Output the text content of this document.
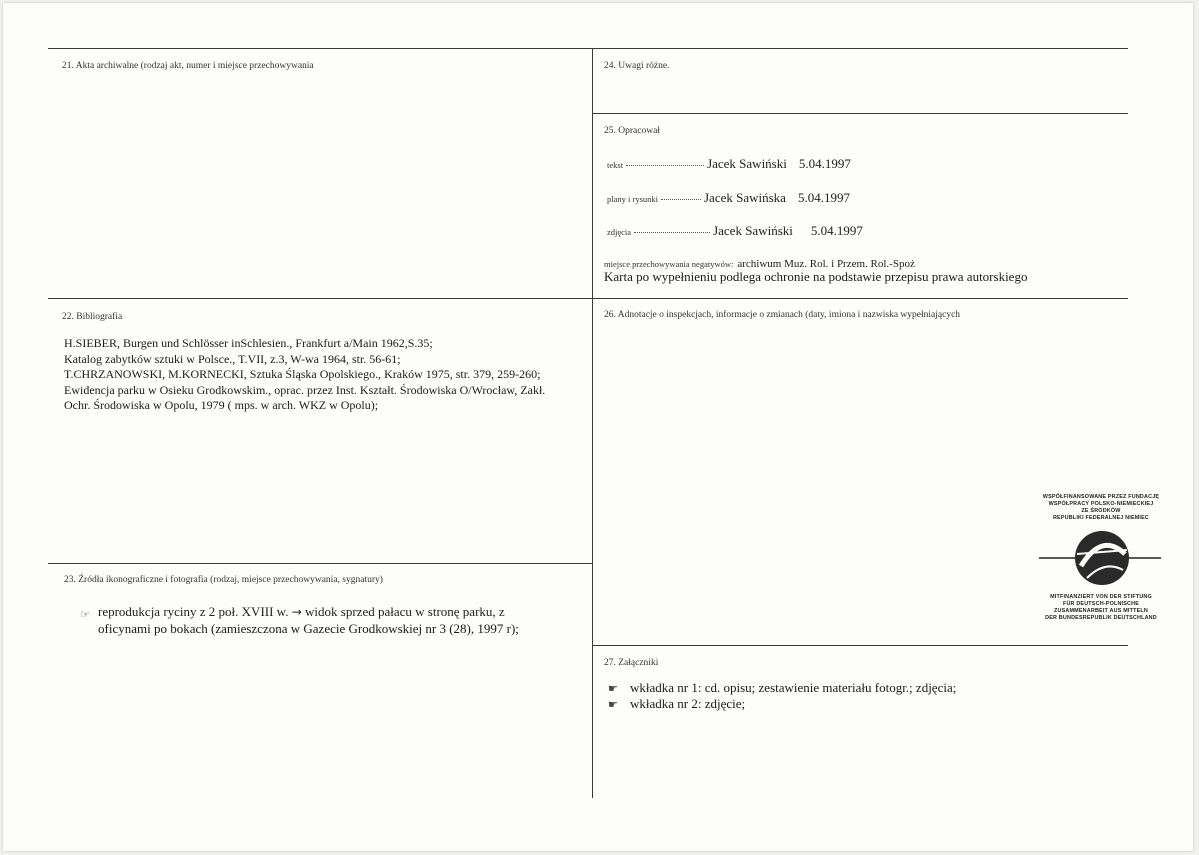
21. Akta archiwalne (rodzaj akt, numer i miejsce przechowywania	24. Uwagi różne.
25. Opracował
tekst	Jacek Sawiński 5.04.1997
plany i rysunki	Jacek Sawińska 5.04.1997
zdjęcia	Jacek Sawiński 5.04.1997
miejsce przechowywania negatywów: archiwum Muz. Rol. i Przem. Rol.-Spoż
Karta po wypełnieniu podlega ochronie na podstawie przepisu prawa autorskiego
22. Bibliografia
H.SIEBER, Burgen und Schlösser inSchlesien., Frankfurt a/Main 1962,S.35;
Katalog zabytków sztuki w Polsce., T.VII, z.3, W-wa 1964, str. 56-61;
T.CHRZANOWSKI, M.KORNECKI, Sztuka Śląska Opolskiego., Kraków 1975, str. 379, 259-260;
Ewidencja parku w Osieku Grodkowskim., oprac. przez Inst. Kształt. Środowiska O/Wrocław, Zakł.
Ochr. Środowiska w Opolu, 1979 ( mps. w arch. WKZ w Opolu);
26. Adnotacje o inspekcjach, informacje o zmianach (daty, imiona i nazwiska wypełniających
23. Źródła ikonograficzne i fotografia (rodzaj, miejsce przechowywania, sygnatury)
☞ reprodukcja ryciny z 2 poł. XVIII w. → widok sprzed pałacu w stronę parku, z
oficynami po bokach (zamieszczona w Gazecie Grodkowskiej nr 3 (28), 1997 r);
27. Załączniki
☛ wkładka nr 1: cd. opisu; zestawienie materiału fotogr.; zdjęcia;
☛ wkładka nr 2: zdjęcie;
WSPÓŁFINANSOWANE PRZEZ FUNDACJĘ
WSPÓŁPRACY POLSKO-NIEMIECKIEJ
ZE ŚRODKÓW
REPUBLIKI FEDERALNEJ NIEMIEC
MITFINANZIERT VON DER STIFTUNG
FÜR DEUTSCH-POLNISCHE
ZUSAMMENARBEIT AUS MITTELN
DER BUNDESREPUBLIK DEUTSCHLAND
